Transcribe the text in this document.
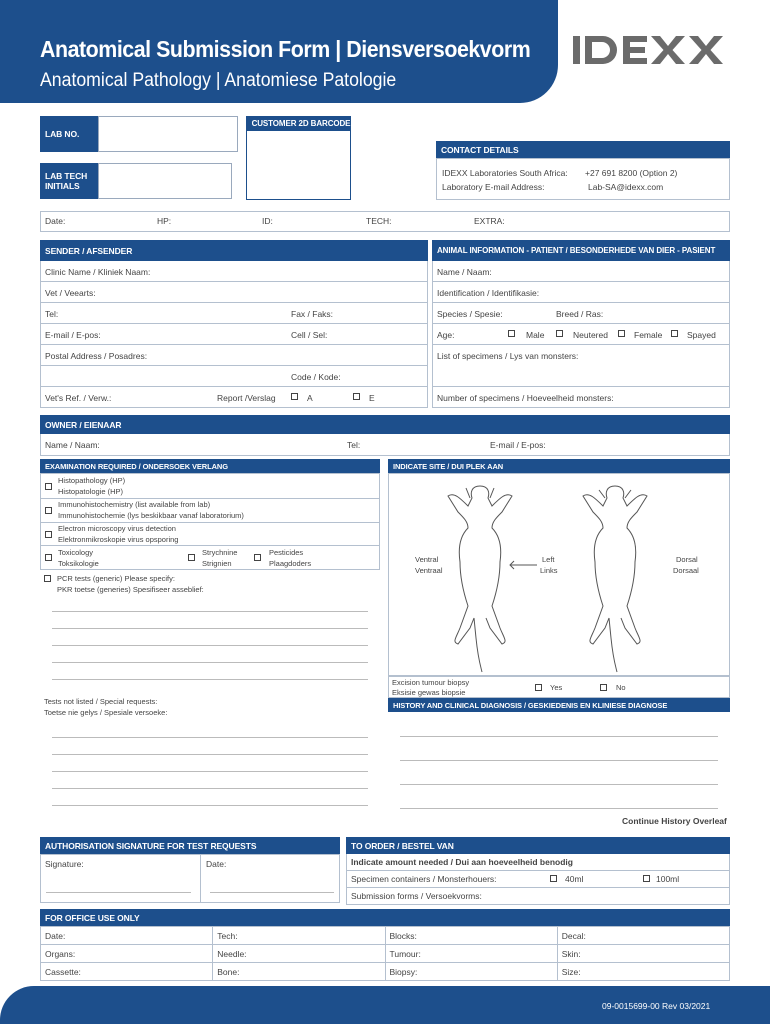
Anatomical Submission Form | Diensversoekvorm
Anatomical Pathology | Anatomiese Patologie
LAB NO.
LAB TECH
INITIALS
CUSTOMER 2D BARCODE
CONTACT DETAILS
IDEXX Laboratories South Africa: +27 691 8200 (Option 2)
Laboratory E-mail Address:	Lab-SA@idexx.com
Date:	HP:	ID:	TECH:	EXTRA:
SENDER / AFSENDER
Clinic Name / Kliniek Naam:
Vet / Veearts:
Tel:	Fax / Faks:
E-mail / E-pos:	Cell / Sel:
Postal Address / Posadres:
Code / Kode:
Vet's Ref. / Verw.:	Report /Verslag	A	E
ANIMAL INFORMATION - PATIENT / BESONDERHEDE VAN DIER - PASIENT
Name / Naam:
Identification / Identifikasie:
Species / Spesie:	Breed / Ras:
Age:	Male	Neutered	Female	Spayed
List of specimens / Lys van monsters:
Number of specimens / Hoeveelheid monsters:
OWNER / EIENAAR
Name / Naam:	Tel:	E-mail / E-pos:
EXAMINATION REQUIRED / ONDERSOEK VERLANG
Histopathology (HP)
Histopatologie (HP)
Immunohistochemistry (list available from lab)
Immunohistochemie (lys beskikbaar vanaf laboratorium)
Electron microscopy virus detection
Elektronmikroskopie virus opsporing
Toxicology
Toksikologie
Strychnine
Strignien
Pesticides
Plaagdoders
PCR tests (generic) Please specify:
PKR toetse (generies) Spesifiseer asseblief:
Tests not listed / Special requests:
Toetse nie gelys / Spesiale versoeke:
INDICATE SITE / DUI PLEK AAN
Ventral
Ventraal
Left
Links
Dorsal
Dorsaal
Excision tumour biopsy
Eksisie gewas biopsie
Yes	No
HISTORY AND CLINICAL DIAGNOSIS / GESKIEDENIS EN KLINIESE DIAGNOSE
Continue History Overleaf
AUTHORISATION SIGNATURE FOR TEST REQUESTS
Signature:	Date:
TO ORDER / BESTEL VAN
Indicate amount needed / Dui aan hoeveelheid benodig
Specimen containers / Monsterhouers:	40ml	100ml
Submission forms / Versoekvorms:
FOR OFFICE USE ONLY
Date:	Tech:	Blocks:	Decal:
Organs:	Needle:	Tumour:	Skin:
Cassette:	Bone:	Biopsy:	Size:
09-0015699-00 Rev 03/2021
